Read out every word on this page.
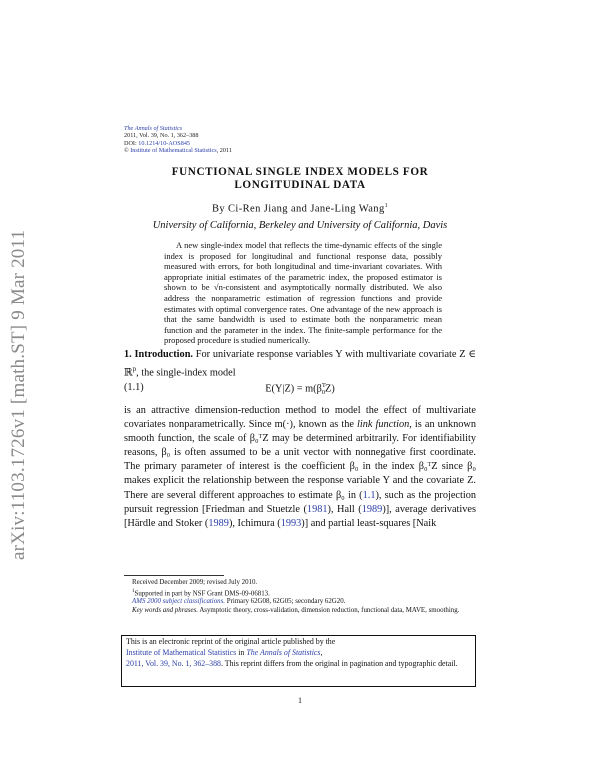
arXiv:1103.1726v1 [math.ST] 9 Mar 2011
The Annals of Statistics
2011, Vol. 39, No. 1, 362–388
DOI: 10.1214/10-AOS845
© Institute of Mathematical Statistics, 2011
FUNCTIONAL SINGLE INDEX MODELS FOR
LONGITUDINAL DATA
By Ci-Ren Jiang and Jane-Ling Wang$^1$
University of California, Berkeley and University of California, Davis
A new single-index model that reflects the time-dynamic effects of the single index is proposed for longitudinal and functional response data, possibly measured with errors, for both longitudinal and time-invariant covariates. With appropriate initial estimates of the parametric index, the proposed estimator is shown to be √n-consistent and asymptotically normally distributed. We also address the nonparametric estimation of regression functions and provide estimates with optimal convergence rates. One advantage of the new approach is that the same bandwidth is used to estimate both the nonparametric mean function and the parameter in the index. The finite-sample performance for the proposed procedure is studied numerically.
1. Introduction. For univariate response variables Y with multivariate covariate Z ∈ ℝ$^p$, the single-index model
(1.1)	$E(Y|Z) = m(\beta^T_0Z)$
is an attractive dimension-reduction method to model the effect of multivariate covariates nonparametrically. Since m(·), known as the link function, is an unknown smooth function, the scale of β₀ᵀZ may be determined arbitrarily. For identifiability reasons, β₀ is often assumed to be a unit vector with nonnegative first coordinate. The primary parameter of interest is the coefficient β₀ in the index β₀ᵀZ since β₀ makes explicit the relationship between the response variable Y and the covariate Z. There are several different approaches to estimate β₀ in (1.1), such as the projection pursuit regression [Friedman and Stuetzle (1981), Hall (1989)], average derivatives [Härdle and Stoker (1989), Ichimura (1993)] and partial least-squares [Naik
Received December 2009; revised July 2010.
$^1$Supported in part by NSF Grant DMS-09-06813.
AMS 2000 subject classifications. Primary 62G08, 62G05; secondary 62G20.
Key words and phrases. Asymptotic theory, cross-validation, dimension reduction, functional data, MAVE, smoothing.
This is an electronic reprint of the original article published by the
Institute of Mathematical Statistics in The Annals of Statistics,
2011, Vol. 39, No. 1, 362–388. This reprint differs from the original in pagination and typographic detail.
1
